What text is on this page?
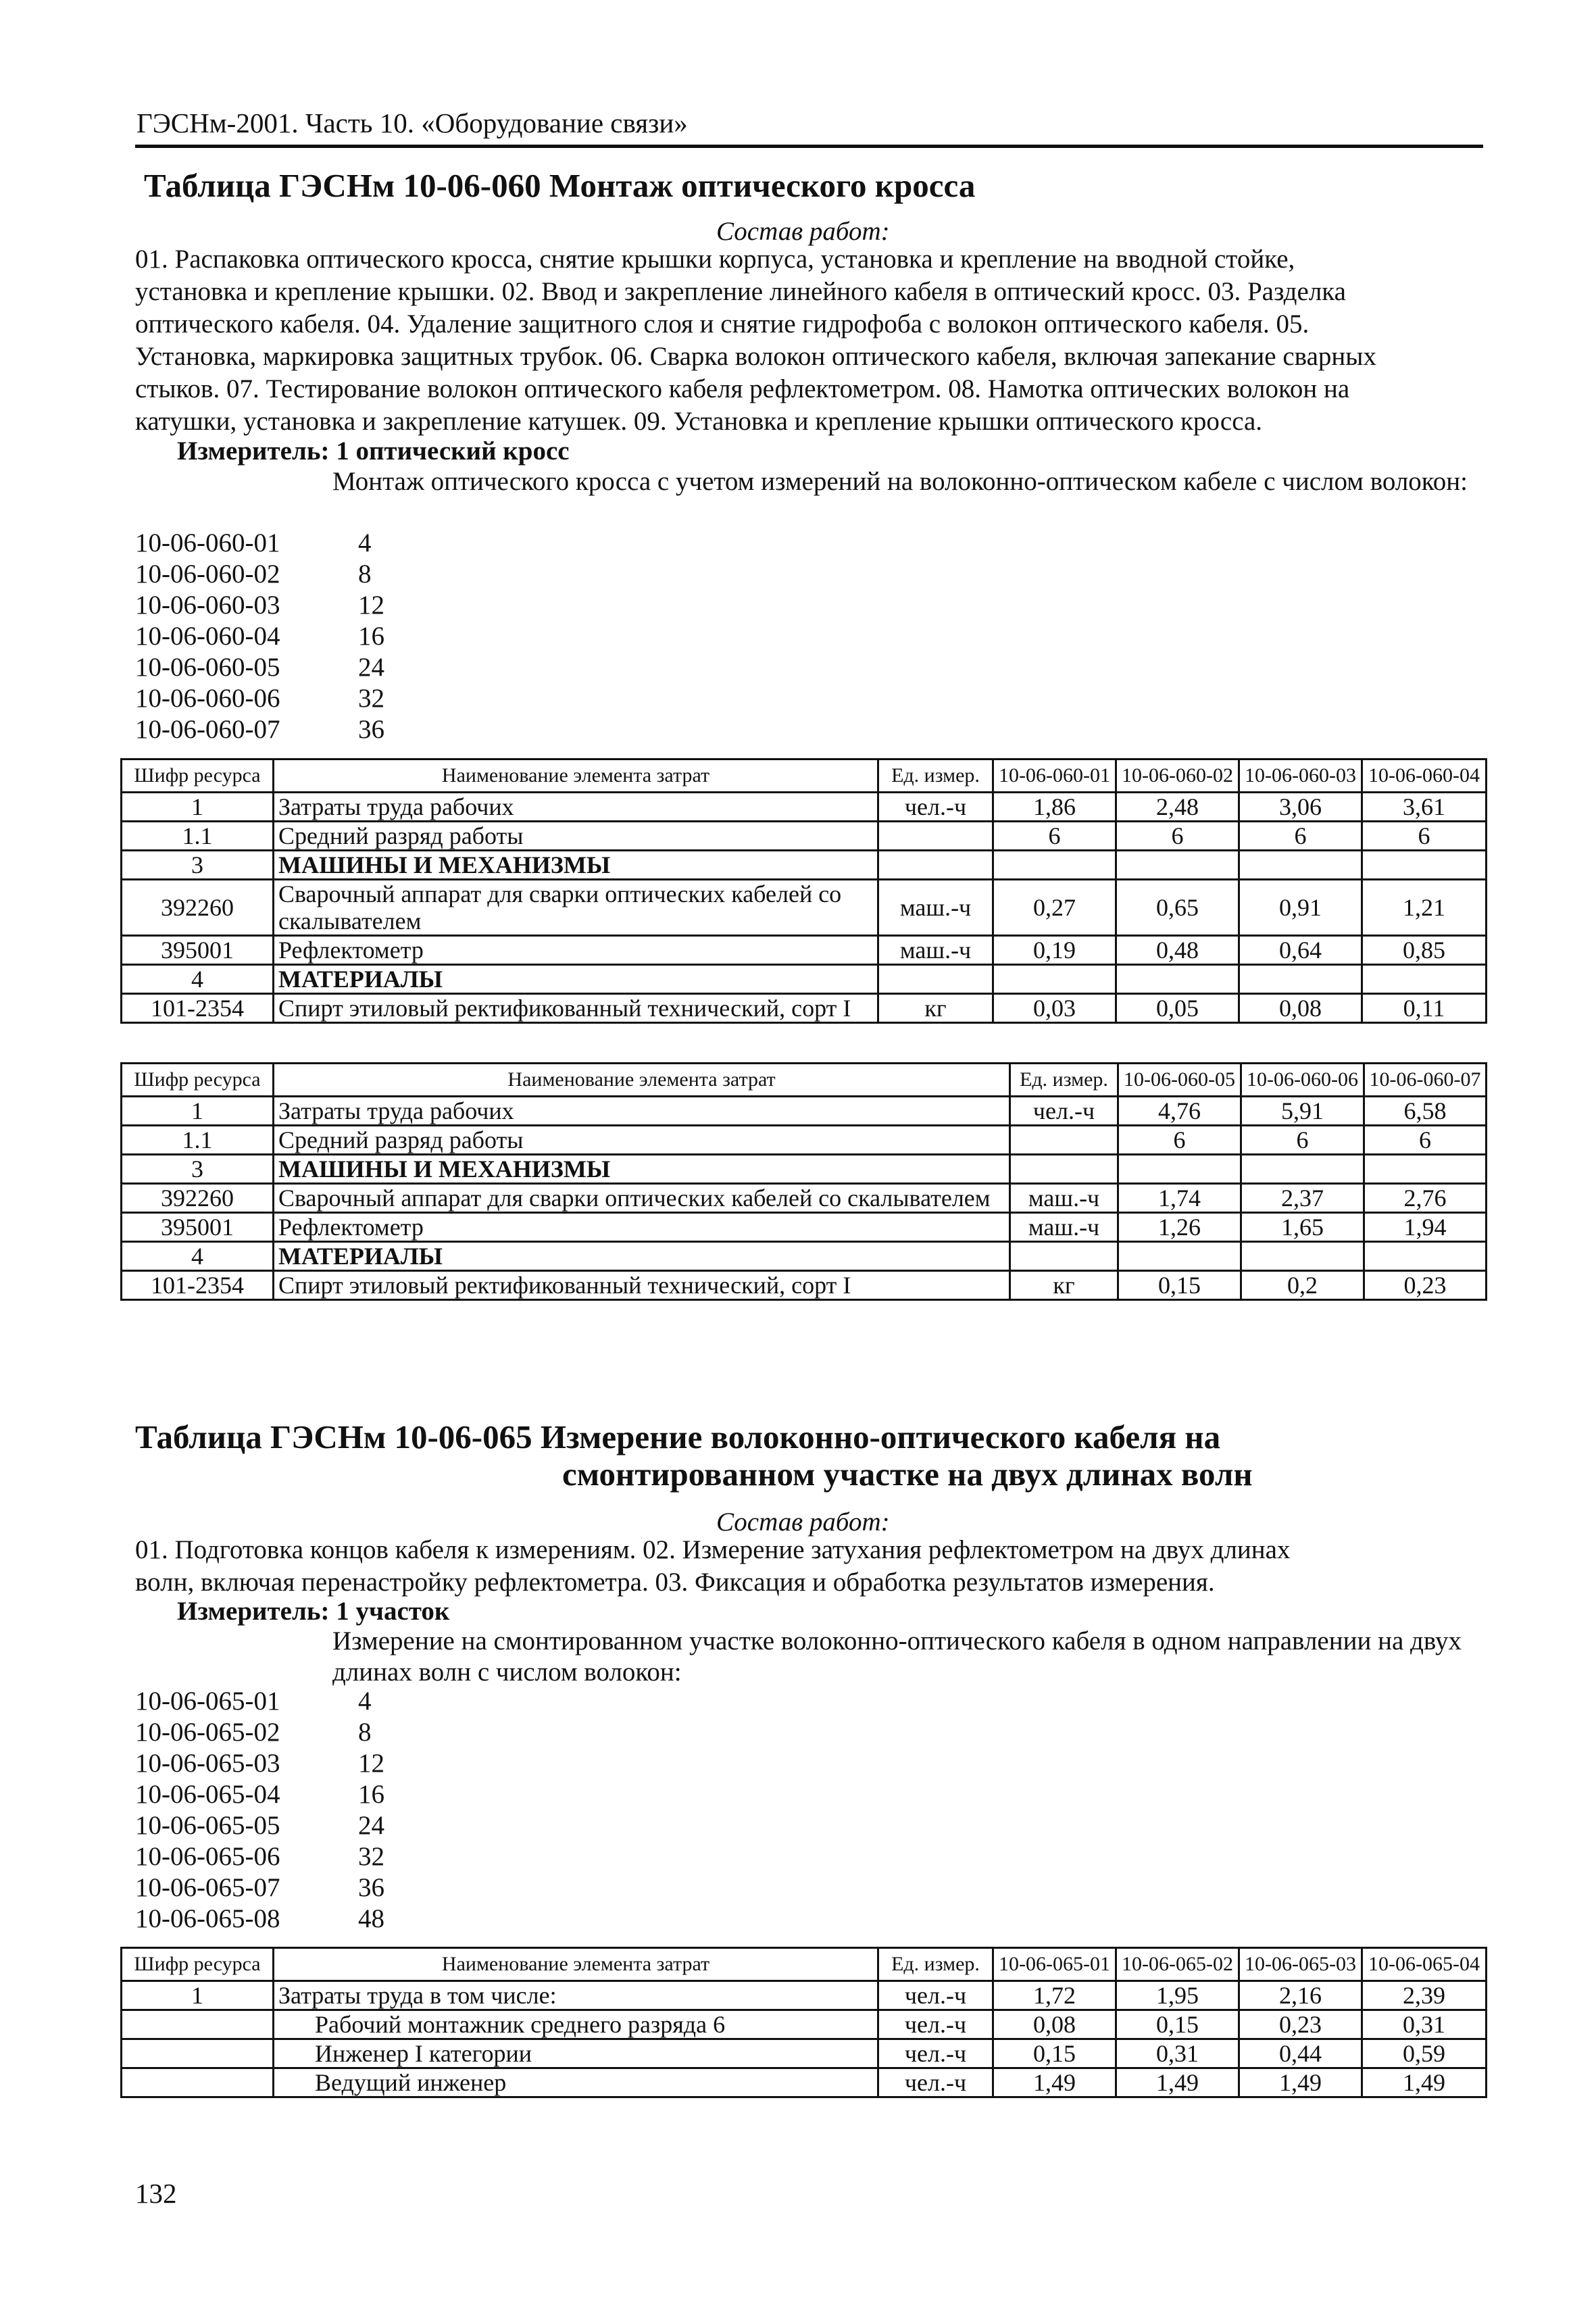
ГЭСНм-2001. Часть 10. «Оборудование связи»
Таблица ГЭСНм 10-06-060 Монтаж оптического кросса
Состав работ:
01. Распаковка оптического кросса, снятие крышки корпуса, установка и крепление на вводной стойке,
установка и крепление крышки. 02. Ввод и закрепление линейного кабеля в оптический кросс. 03. Разделка
оптического кабеля. 04. Удаление защитного слоя и снятие гидрофоба с волокон оптического кабеля. 05.
Установка, маркировка защитных трубок. 06. Сварка волокон оптического кабеля, включая запекание сварных
стыков. 07. Тестирование волокон оптического кабеля рефлектометром. 08. Намотка оптических волокон на
катушки, установка и закрепление катушек. 09. Установка и крепление крышки оптического кросса.
Измеритель: 1 оптический кросс
Монтаж оптического кросса с учетом измерений на волоконно-оптическом кабеле с числом волокон:
10-06-060-01	4
10-06-060-02	8
10-06-060-03	12
10-06-060-04	16
10-06-060-05	24
10-06-060-06	32
10-06-060-07	36
Шифр ресурса	Наименование элемента затрат	Ед. измер.	10-06-060-01	10-06-060-02	10-06-060-03	10-06-060-04
1	Затраты труда рабочих	чел.-ч	1,86	2,48	3,06	3,61
1.1	Средний разряд работы		6	6	6	6
3	МАШИНЫ И МЕХАНИЗМЫ					
392260	Сварочный аппарат для сварки оптических кабелей со скалывателем	маш.-ч	0,27	0,65	0,91	1,21
395001	Рефлектометр	маш.-ч	0,19	0,48	0,64	0,85
4	МАТЕРИАЛЫ					
101-2354	Спирт этиловый ректификованный технический, сорт I	кг	0,03	0,05	0,08	0,11
Шифр ресурса	Наименование элемента затрат	Ед. измер.	10-06-060-05	10-06-060-06	10-06-060-07
1	Затраты труда рабочих	чел.-ч	4,76	5,91	6,58
1.1	Средний разряд работы		6	6	6
3	МАШИНЫ И МЕХАНИЗМЫ				
392260	Сварочный аппарат для сварки оптических кабелей со скалывателем	маш.-ч	1,74	2,37	2,76
395001	Рефлектометр	маш.-ч	1,26	1,65	1,94
4	МАТЕРИАЛЫ				
101-2354	Спирт этиловый ректификованный технический, сорт I	кг	0,15	0,2	0,23
Таблица ГЭСНм 10-06-065 Измерение волоконно-оптического кабеля на
смонтированном участке на двух длинах волн
Состав работ:
01. Подготовка концов кабеля к измерениям. 02. Измерение затухания рефлектометром на двух длинах
волн, включая перенастройку рефлектометра. 03. Фиксация и обработка результатов измерения.
Измеритель: 1 участок
Измерение на смонтированном участке волоконно-оптического кабеля в одном направлении на двух длинах волн с числом волокон:
10-06-065-01	4
10-06-065-02	8
10-06-065-03	12
10-06-065-04	16
10-06-065-05	24
10-06-065-06	32
10-06-065-07	36
10-06-065-08	48
Шифр ресурса	Наименование элемента затрат	Ед. измер.	10-06-065-01	10-06-065-02	10-06-065-03	10-06-065-04
1	Затраты труда в том числе:	чел.-ч	1,72	1,95	2,16	2,39
	Рабочий монтажник среднего разряда 6	чел.-ч	0,08	0,15	0,23	0,31
	Инженер I категории	чел.-ч	0,15	0,31	0,44	0,59
	Ведущий инженер	чел.-ч	1,49	1,49	1,49	1,49
132
